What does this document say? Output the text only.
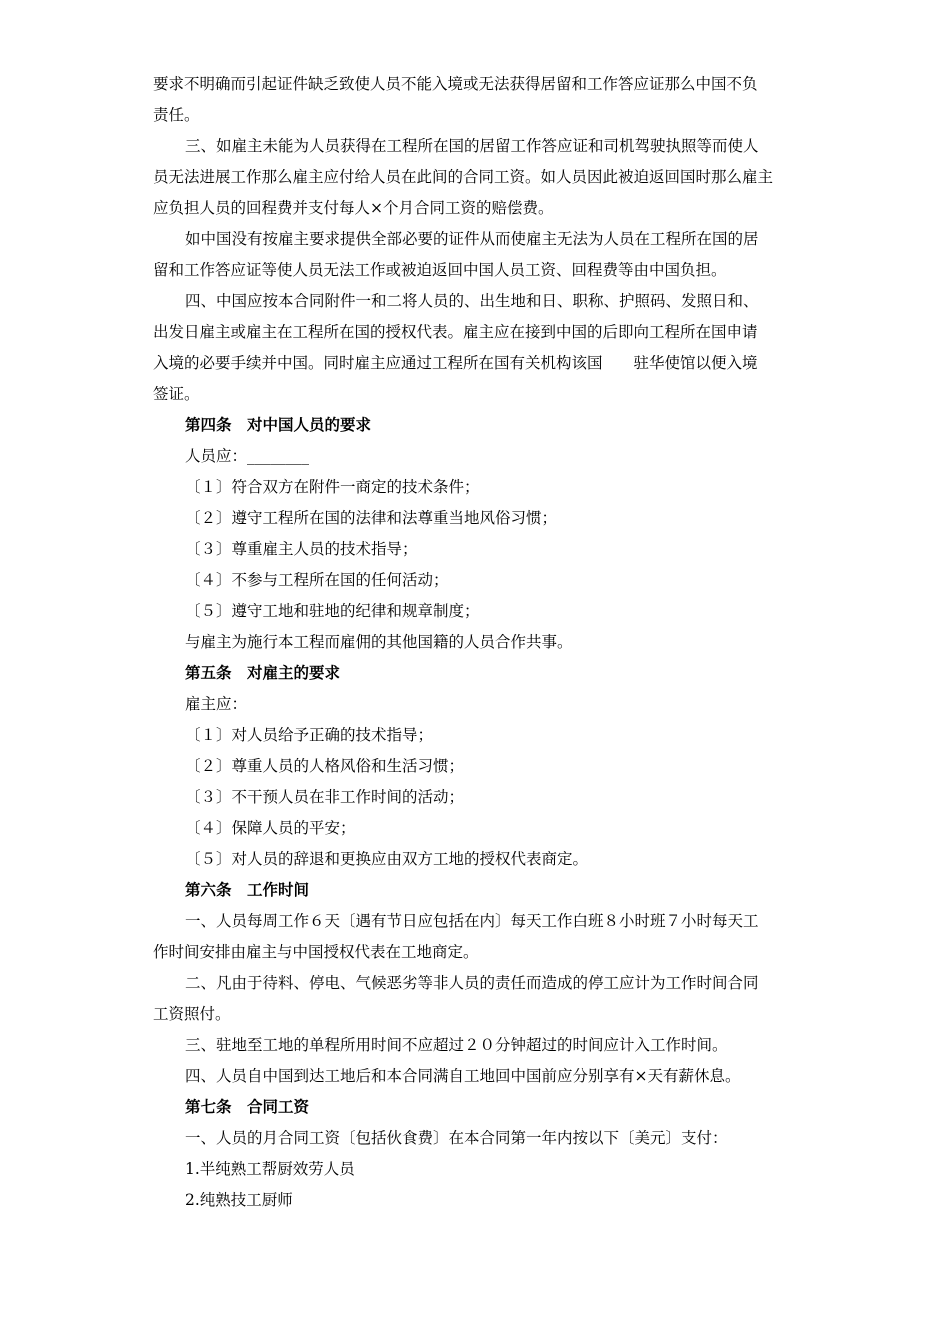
要求不明确而引起证件缺乏致使人员不能入境或无法获得居留和工作答应证那么中国不负
责任。
三、如雇主未能为人员获得在工程所在国的居留工作答应证和司机驾驶执照等而使人
员无法进展工作那么雇主应付给人员在此间的合同工资。如人员因此被迫返回国时那么雇主
应负担人员的回程费并支付每人×个月合同工资的赔偿费。
如中国没有按雇主要求提供全部必要的证件从而使雇主无法为人员在工程所在国的居
留和工作答应证等使人员无法工作或被迫返回中国人员工资、回程费等由中国负担。
四、中国应按本合同附件一和二将人员的、出生地和日、职称、护照码、发照日和、
出发日雇主或雇主在工程所在国的授权代表。雇主应在接到中国的后即向工程所在国申请
入境的必要手续并中国。同时雇主应通过工程所在国有关机构该国　　驻华使馆以便入境
签证。
第四条　对中国人员的要求
人员应：________
〔１〕符合双方在附件一商定的技术条件；
〔２〕遵守工程所在国的法律和法尊重当地风俗习惯；
〔３〕尊重雇主人员的技术指导；
〔４〕不参与工程所在国的任何活动；
〔５〕遵守工地和驻地的纪律和规章制度；
与雇主为施行本工程而雇佣的其他国籍的人员合作共事。
第五条　对雇主的要求
雇主应：
〔１〕对人员给予正确的技术指导；
〔２〕尊重人员的人格风俗和生活习惯；
〔３〕不干预人员在非工作时间的活动；
〔４〕保障人员的平安；
〔５〕对人员的辞退和更换应由双方工地的授权代表商定。
第六条　工作时间
一、人员每周工作６天〔遇有节日应包括在内〕每天工作白班８小时班７小时每天工
作时间安排由雇主与中国授权代表在工地商定。
二、凡由于待料、停电、气候恶劣等非人员的责任而造成的停工应计为工作时间合同
工资照付。
三、驻地至工地的单程所用时间不应超过２０分钟超过的时间应计入工作时间。
四、人员自中国到达工地后和本合同满自工地回中国前应分别享有×天有薪休息。
第七条　合同工资
一、人员的月合同工资〔包括伙食费〕在本合同第一年内按以下〔美元〕支付：
1.半纯熟工帮厨效劳人员
2.纯熟技工厨师
